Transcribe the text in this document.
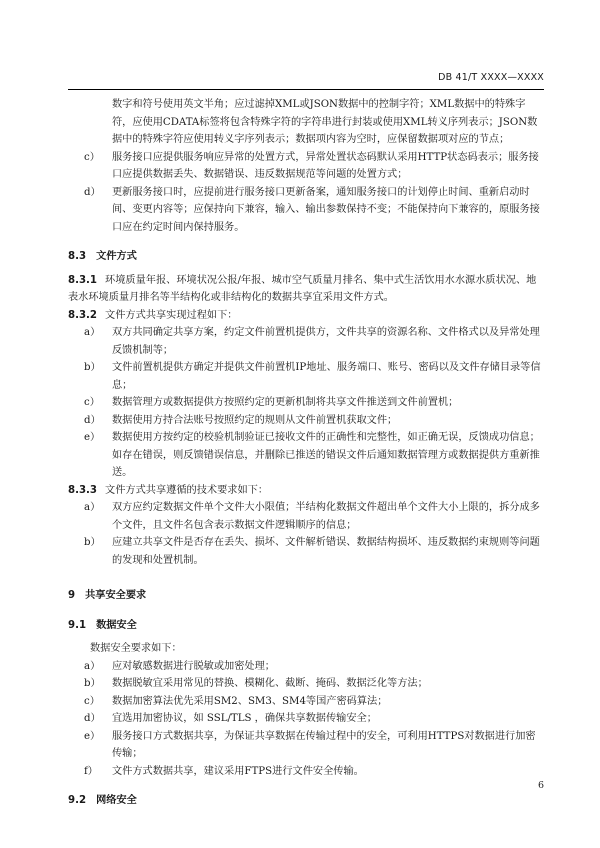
DB 41/T XXXX—XXXX

数字和符号使用英文半角；应过滤掉XML或JSON数据中的控制字符；XML数据中的特殊字符，应使用CDATA标签将包含特殊字符的字符串进行封装或使用XML转义序列表示；JSON数据中的特殊字符应使用转义字序列表示；数据项内容为空时，应保留数据项对应的节点；

c）	服务接口应提供服务响应异常的处置方式，异常处置状态码默认采用HTTP状态码表示；服务接口应提供数据丢失、数据错误、违反数据规范等问题的处置方式；
d）	更新服务接口时，应提前进行服务接口更新备案，通知服务接口的计划停止时间、重新启动时间、变更内容等；应保持向下兼容，输入、输出参数保持不变；不能保持向下兼容的，原服务接口应在约定时间内保持服务。
8.3 文件方式

8.3.1 环境质量年报、环境状况公报/年报、城市空气质量月排名、集中式生活饮用水水源水质状况、地表水环境质量月排名等半结构化或非结构化的数据共享宜采用文件方式。

8.3.2 文件方式共享实现过程如下：

a）	双方共同确定共享方案，约定文件前置机提供方，文件共享的资源名称、文件格式以及异常处理反馈机制等；
b）	文件前置机提供方确定并提供文件前置机IP地址、服务端口、账号、密码以及文件存储目录等信息；
c）	数据管理方或数据提供方按照约定的更新机制将共享文件推送到文件前置机；
d）	数据使用方持合法账号按照约定的规则从文件前置机获取文件；
e）	数据使用方按约定的校验机制验证已接收文件的正确性和完整性，如正确无误，反馈成功信息；如存在错误，则反馈错误信息，并删除已推送的错误文件后通知数据管理方或数据提供方重新推送。

8.3.3 文件方式共享遵循的技术要求如下：

a）	双方应约定数据文件单个文件大小限值；半结构化数据文件超出单个文件大小上限的，拆分成多个文件，且文件名包含表示数据文件逻辑顺序的信息；
b）	应建立共享文件是否存在丢失、损坏、文件解析错误、数据结构损坏、违反数据约束规则等问题的发现和处置机制。
9 共享安全要求
9.1 数据安全

数据安全要求如下：

a）	应对敏感数据进行脱敏或加密处理；
b）	数据脱敏宜采用常见的替换、模糊化、截断、掩码、数据泛化等方法；
c）	数据加密算法优先采用SM2、SM3、SM4等国产密码算法；
d）	宜选用加密协议，如 SSL/TLS ，确保共享数据传输安全；
e）	服务接口方式数据共享，为保证共享数据在传输过程中的安全，可利用HTTPS对数据进行加密传输；
f）	文件方式数据共享，建议采用FTPS进行文件安全传输。
9.2 网络安全
6
